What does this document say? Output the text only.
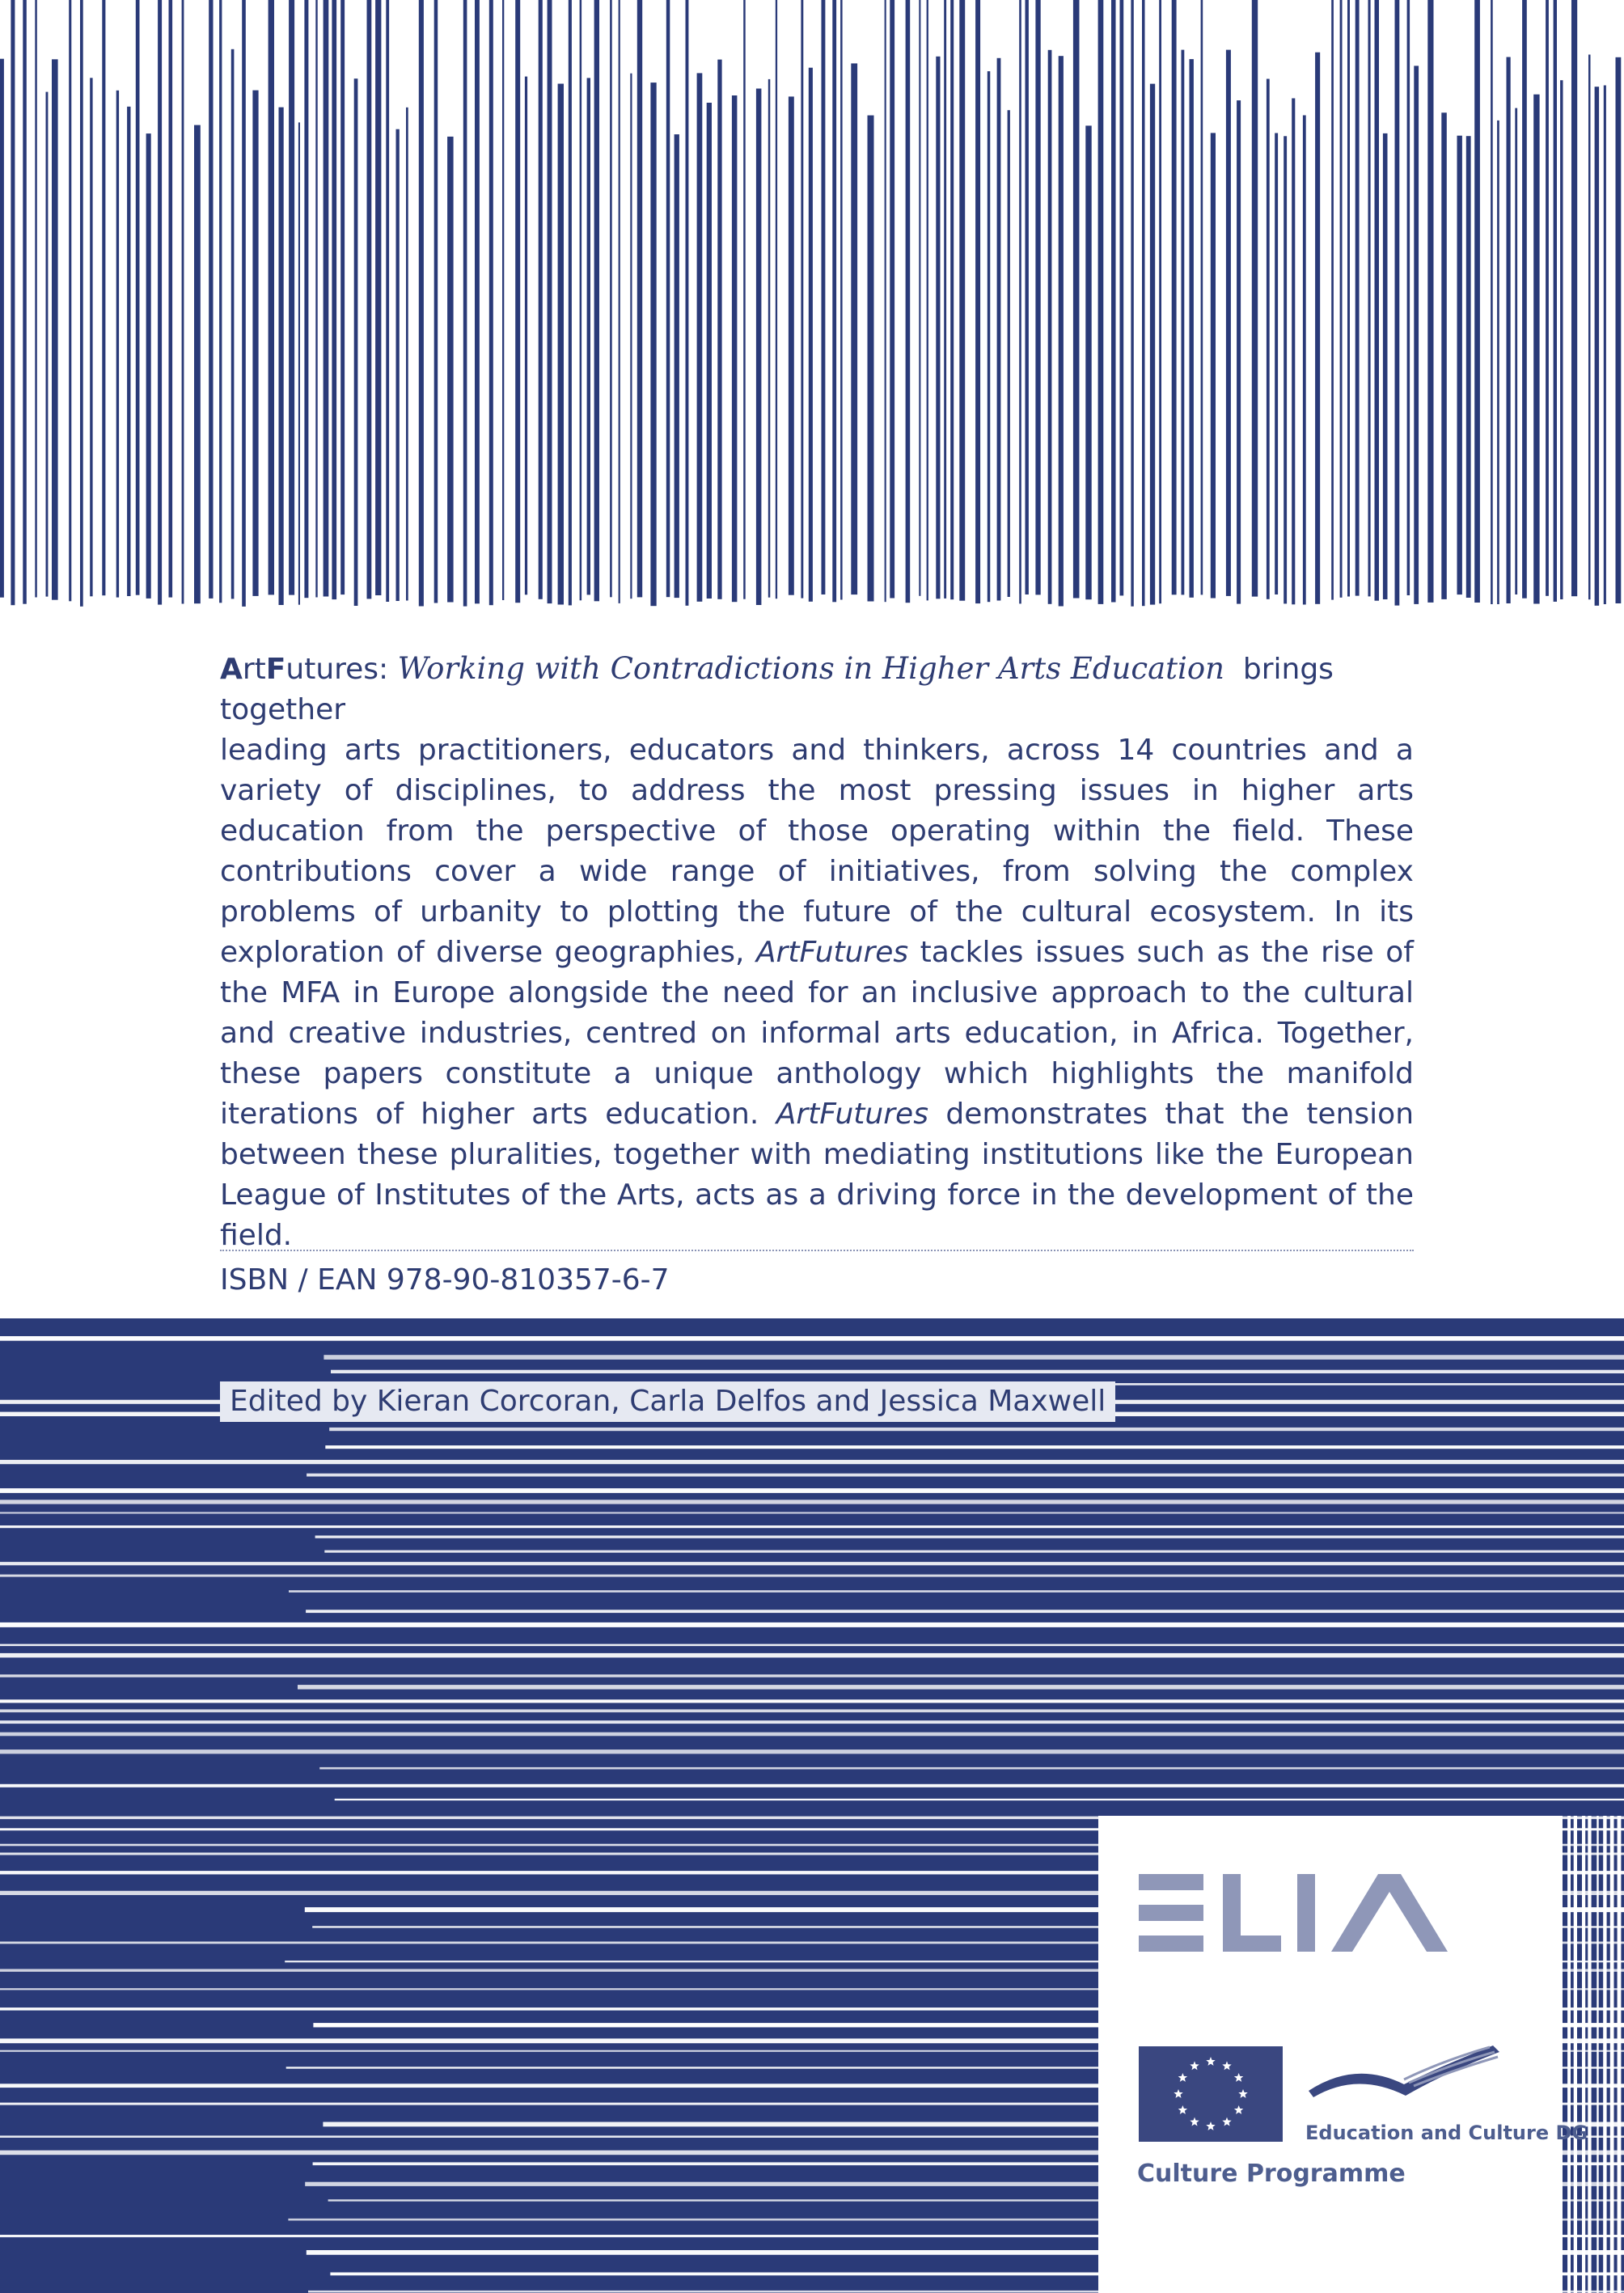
ArtFutures: Working with Contradictions in Higher Arts Education brings together
leading arts practitioners, educators and thinkers, across 14 countries and a variety of disciplines, to address the most pressing issues in higher arts education from the perspective of those operating within the field. These contributions cover a wide range of initiatives, from solving the complex problems of urbanity to plotting the future of the cultural ecosystem. In its exploration of diverse geographies, ArtFutures tackles issues such as the rise of the MFA in Europe alongside the need for an inclusive approach to the cultural and creative industries, centred on informal arts education, in Africa. Together, these papers constitute a unique anthology which highlights the manifold iterations of higher arts education. ArtFutures demonstrates that the tension between these pluralities, together with mediating institutions like the European League of Institutes of the Arts, acts as a driving force in the development of the field.

ISBN / EAN 978-90-810357-6-7
Edited by Kieran Corcoran, Carla Delfos and Jessica Maxwell
Education and Culture DG
Culture Programme
